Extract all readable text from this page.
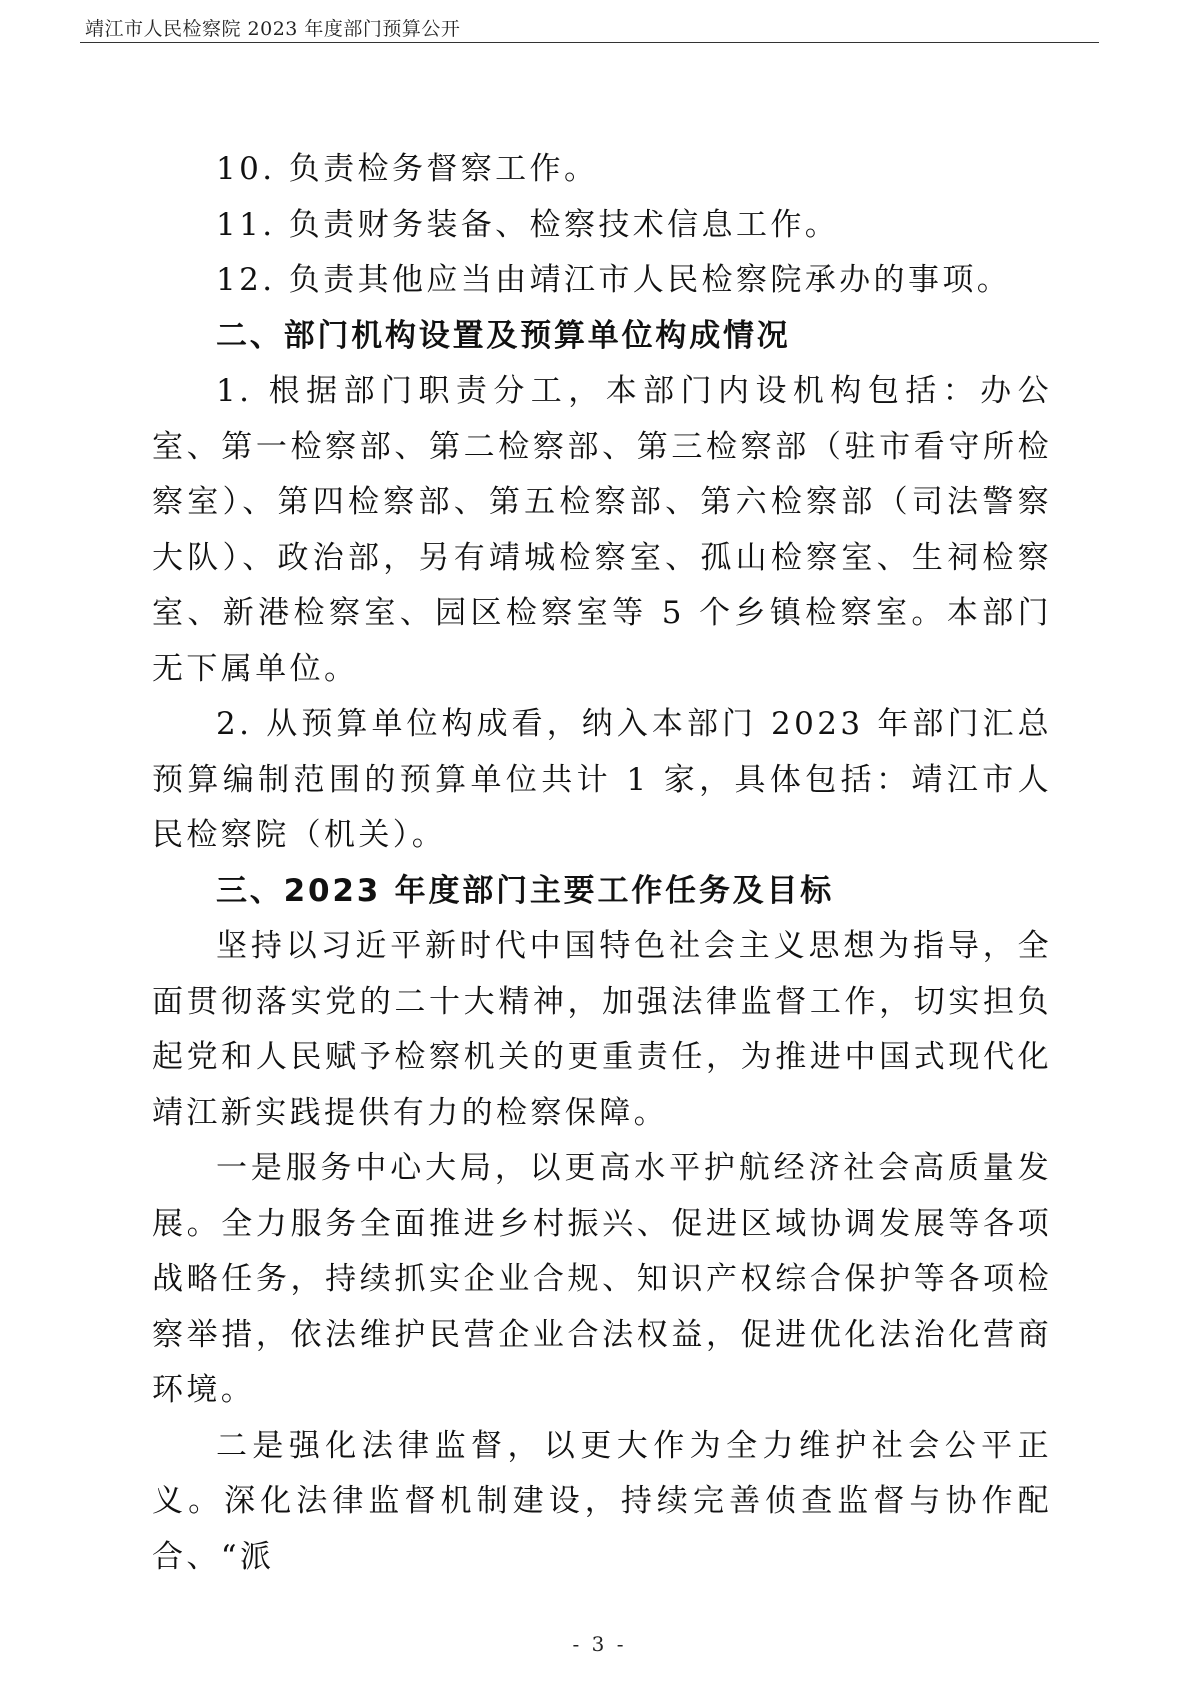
靖江市人民检察院 2023 年度部门预算公开

10. 负责检务督察工作。

11. 负责财务装备、检察技术信息工作。

12. 负责其他应当由靖江市人民检察院承办的事项。

二、部门机构设置及预算单位构成情况

1. 根据部门职责分工，本部门内设机构包括：办公室、第一检察部、第二检察部、第三检察部（驻市看守所检察室）、第四检察部、第五检察部、第六检察部（司法警察大队）、政治部，另有靖城检察室、孤山检察室、生祠检察室、新港检察室、园区检察室等 5 个乡镇检察室。本部门无下属单位。

2. 从预算单位构成看，纳入本部门 2023 年部门汇总预算编制范围的预算单位共计 1 家，具体包括：靖江市人民检察院（机关）。

三、2023 年度部门主要工作任务及目标

坚持以习近平新时代中国特色社会主义思想为指导，全面贯彻落实党的二十大精神，加强法律监督工作，切实担负起党和人民赋予检察机关的更重责任，为推进中国式现代化靖江新实践提供有力的检察保障。

一是服务中心大局，以更高水平护航经济社会高质量发展。全力服务全面推进乡村振兴、促进区域协调发展等各项战略任务，持续抓实企业合规、知识产权综合保护等各项检察举措，依法维护民营企业合法权益，促进优化法治化营商环境。

二是强化法律监督，以更大作为全力维护社会公平正义。深化法律监督机制建设，持续完善侦查监督与协作配合、“派

- 3 -
